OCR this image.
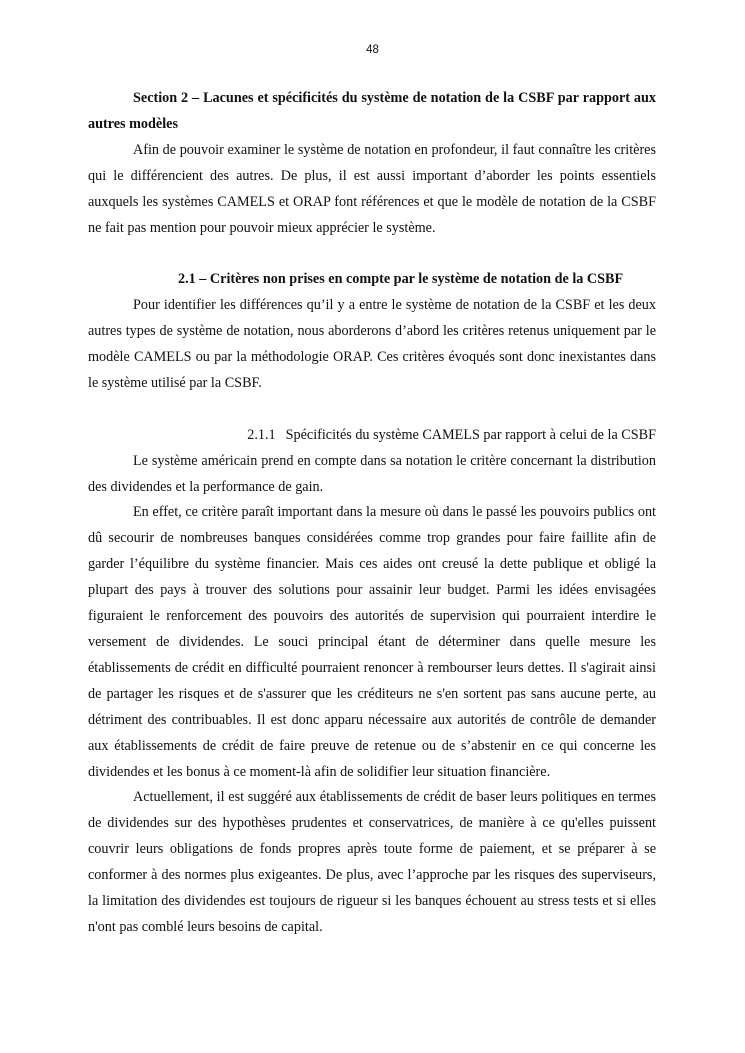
48
Section 2 – Lacunes et spécificités du système de notation de la CSBF par rapport aux autres modèles

Afin de pouvoir examiner le système de notation en profondeur, il faut connaître les critères qui le différencient des autres. De plus, il est aussi important d’aborder les points essentiels auxquels les systèmes CAMELS et ORAP font références et que le modèle de notation de la CSBF ne fait pas mention pour pouvoir mieux apprécier le système.

2.1 – Critères non prises en compte par le système de notation de la CSBF

Pour identifier les différences qu’il y a entre le système de notation de la CSBF et les deux autres types de système de notation, nous aborderons d’abord les critères retenus uniquement par le modèle CAMELS ou par la méthodologie ORAP. Ces critères évoqués sont donc inexistantes dans le système utilisé par la CSBF.

2.1.1 Spécificités du système CAMELS par rapport à celui de la CSBF

Le système américain prend en compte dans sa notation le critère concernant la distribution des dividendes et la performance de gain.

En effet, ce critère paraît important dans la mesure où dans le passé les pouvoirs publics ont dû secourir de nombreuses banques considérées comme trop grandes pour faire faillite afin de garder l’équilibre du système financier. Mais ces aides ont creusé la dette publique et obligé la plupart des pays à trouver des solutions pour assainir leur budget. Parmi les idées envisagées figuraient le renforcement des pouvoirs des autorités de supervision qui pourraient interdire le versement de dividendes. Le souci principal étant de déterminer dans quelle mesure les établissements de crédit en difficulté pourraient renoncer à rembourser leurs dettes. Il s'agirait ainsi de partager les risques et de s'assurer que les créditeurs ne s'en sortent pas sans aucune perte, au détriment des contribuables. Il est donc apparu nécessaire aux autorités de contrôle de demander aux établissements de crédit de faire preuve de retenue ou de s’abstenir en ce qui concerne les dividendes et les bonus à ce moment-là afin de solidifier leur situation financière.

Actuellement, il est suggéré aux établissements de crédit de baser leurs politiques en termes de dividendes sur des hypothèses prudentes et conservatrices, de manière à ce qu'elles puissent couvrir leurs obligations de fonds propres après toute forme de paiement, et se préparer à se conformer à des normes plus exigeantes. De plus, avec l’approche par les risques des superviseurs, la limitation des dividendes est toujours de rigueur si les banques échouent au stress tests et si elles n'ont pas comblé leurs besoins de capital.
